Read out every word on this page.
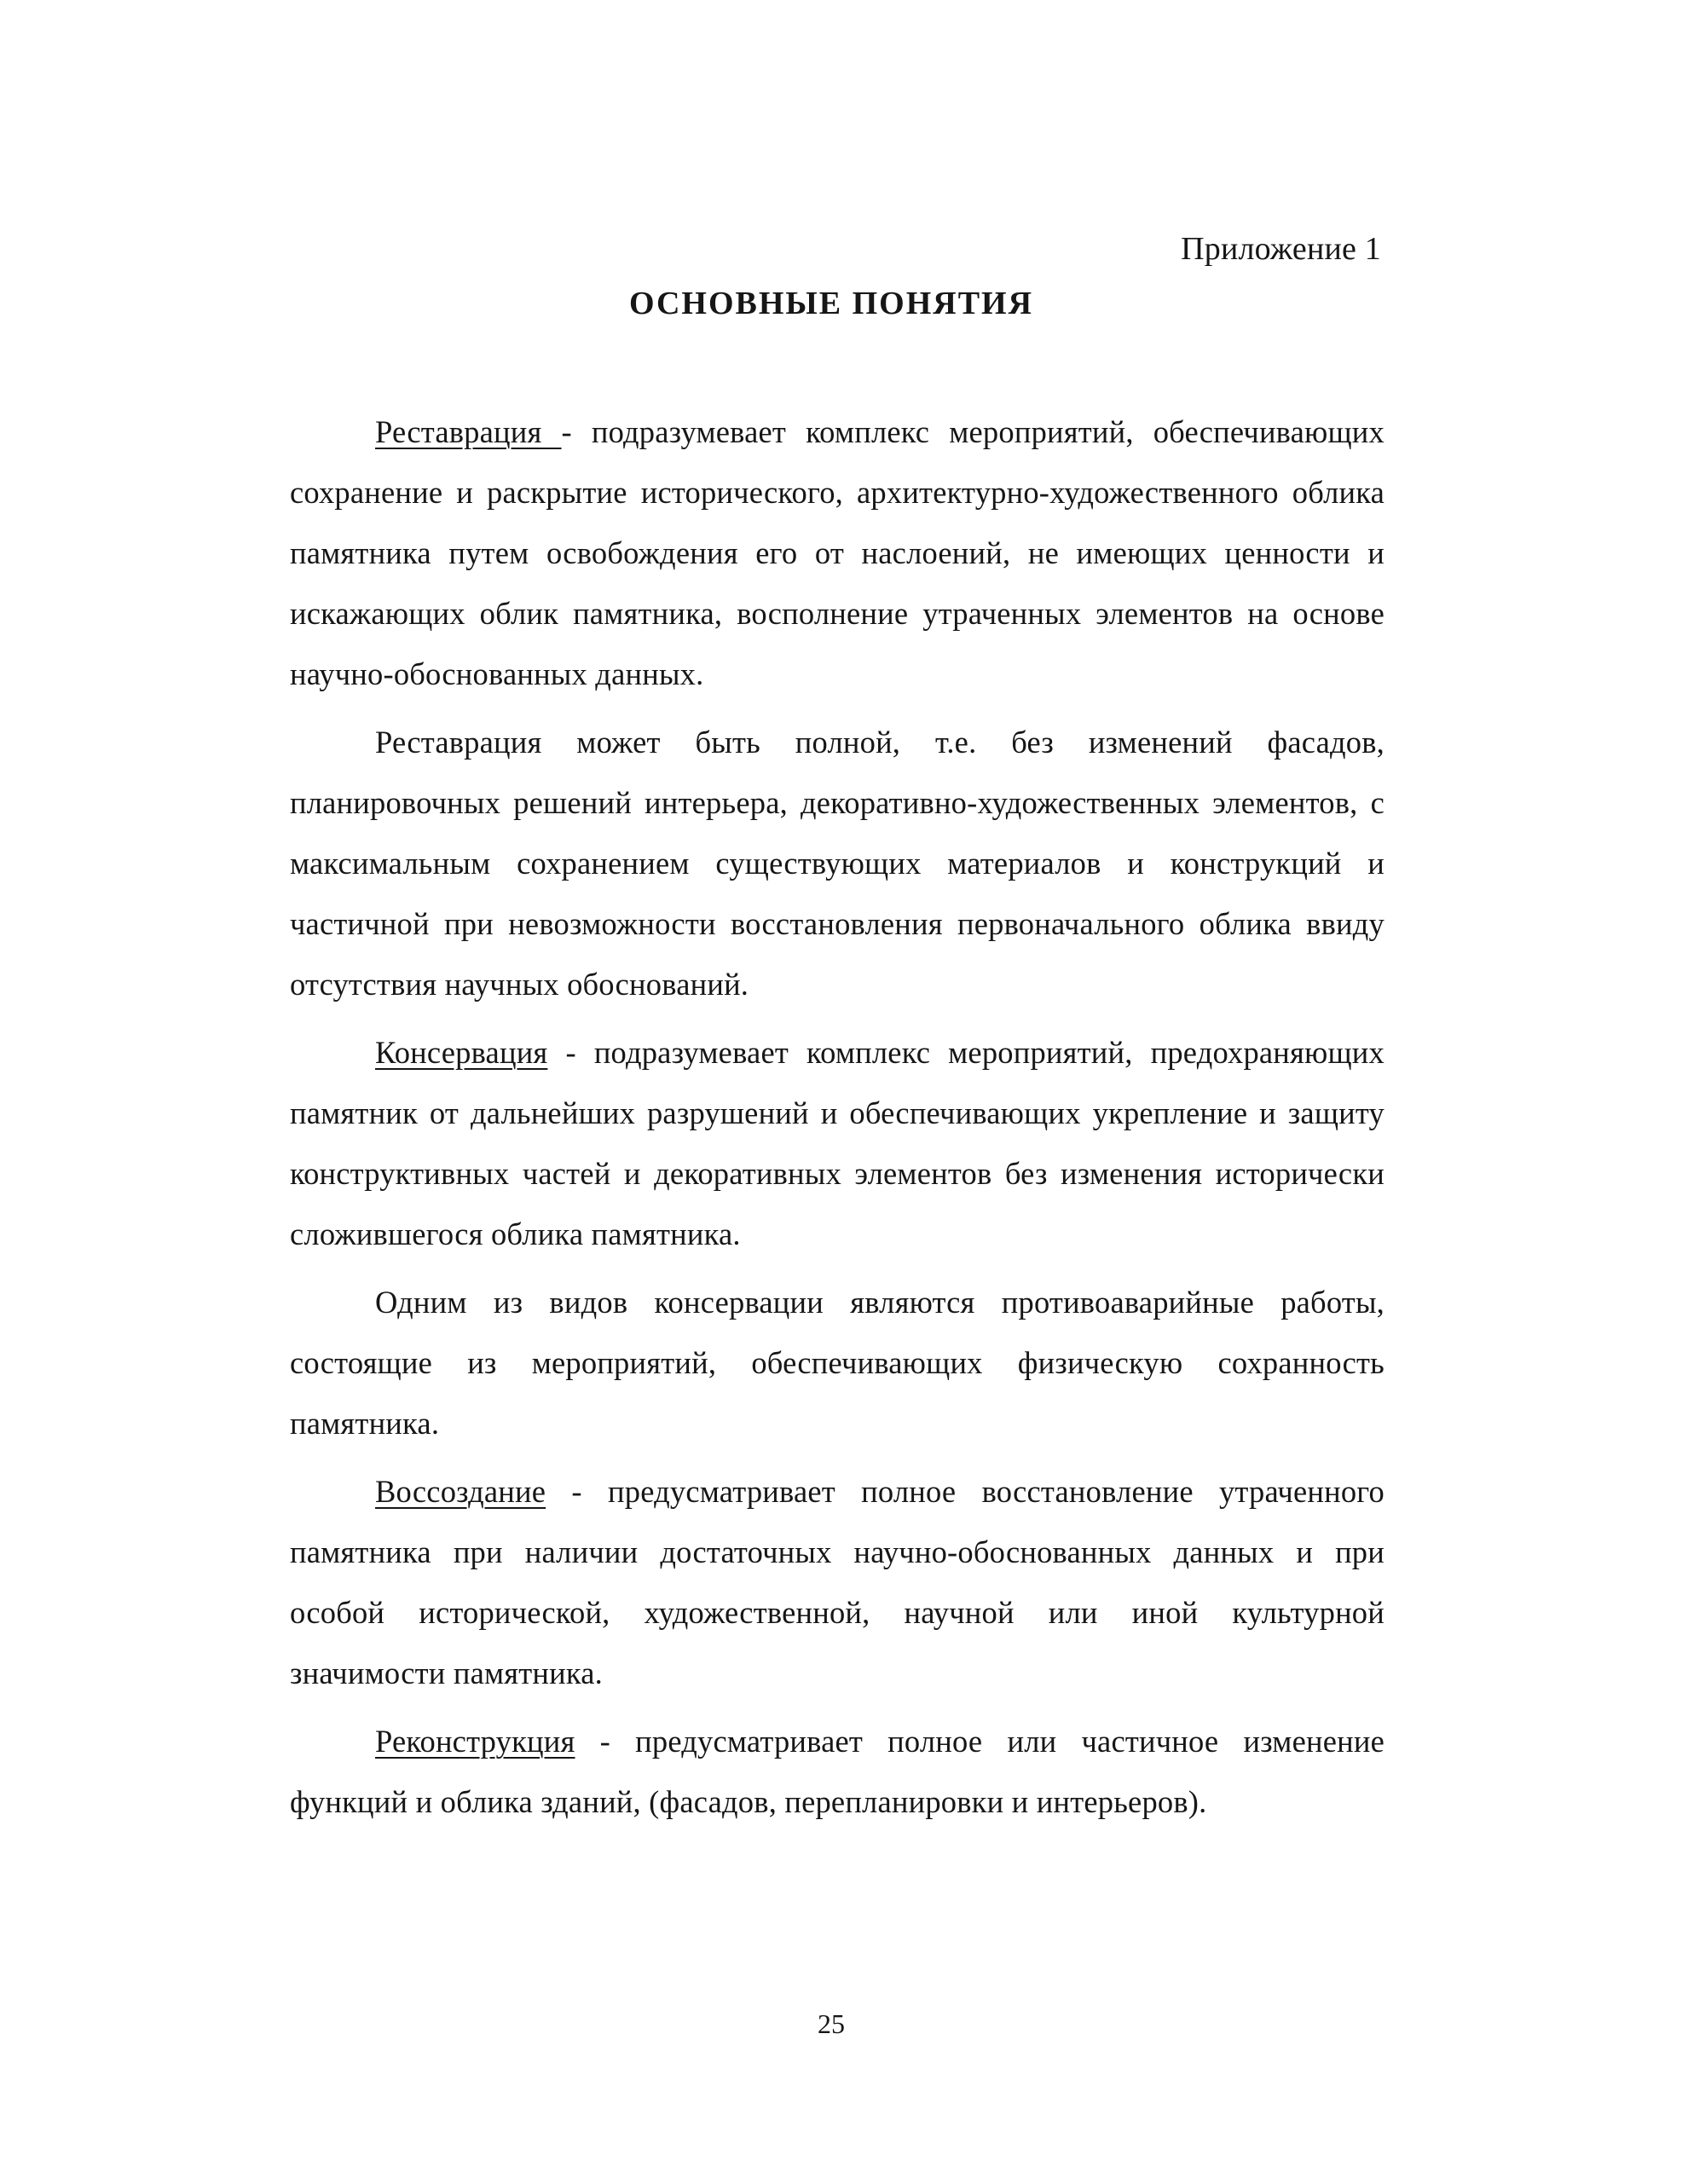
Приложение 1
ОСНОВНЫЕ ПОНЯТИЯ

Реставрация - подразумевает комплекс мероприятий, обеспечивающих сохранение и раскрытие исторического, архитектурно-художественного облика памятника путем освобождения его от наслоений, не имеющих ценности и искажающих облик памятника, восполнение утраченных элементов на основе научно-обоснованных данных.

Реставрация может быть полной, т.е. без изменений фасадов, планировочных решений интерьера, декоративно-художественных элементов, с максимальным сохранением существующих материалов и конструкций и частичной при невозможности восстановления первоначального облика ввиду отсутствия научных обоснований.

Консервация - подразумевает комплекс мероприятий, предохраняющих памятник от дальнейших разрушений и обеспечивающих укрепление и защиту конструктивных частей и декоративных элементов без изменения исторически сложившегося облика памятника.

Одним из видов консервации являются противоаварийные работы, состоящие из мероприятий, обеспечивающих физическую сохранность памятника.

Воссоздание - предусматривает полное восстановление утраченного памятника при наличии достаточных научно-обоснованных данных и при особой исторической, художественной, научной или иной культурной значимости памятника.

Реконструкция - предусматривает полное или частичное изменение функций и облика зданий, (фасадов, перепланировки и интерьеров).

25
